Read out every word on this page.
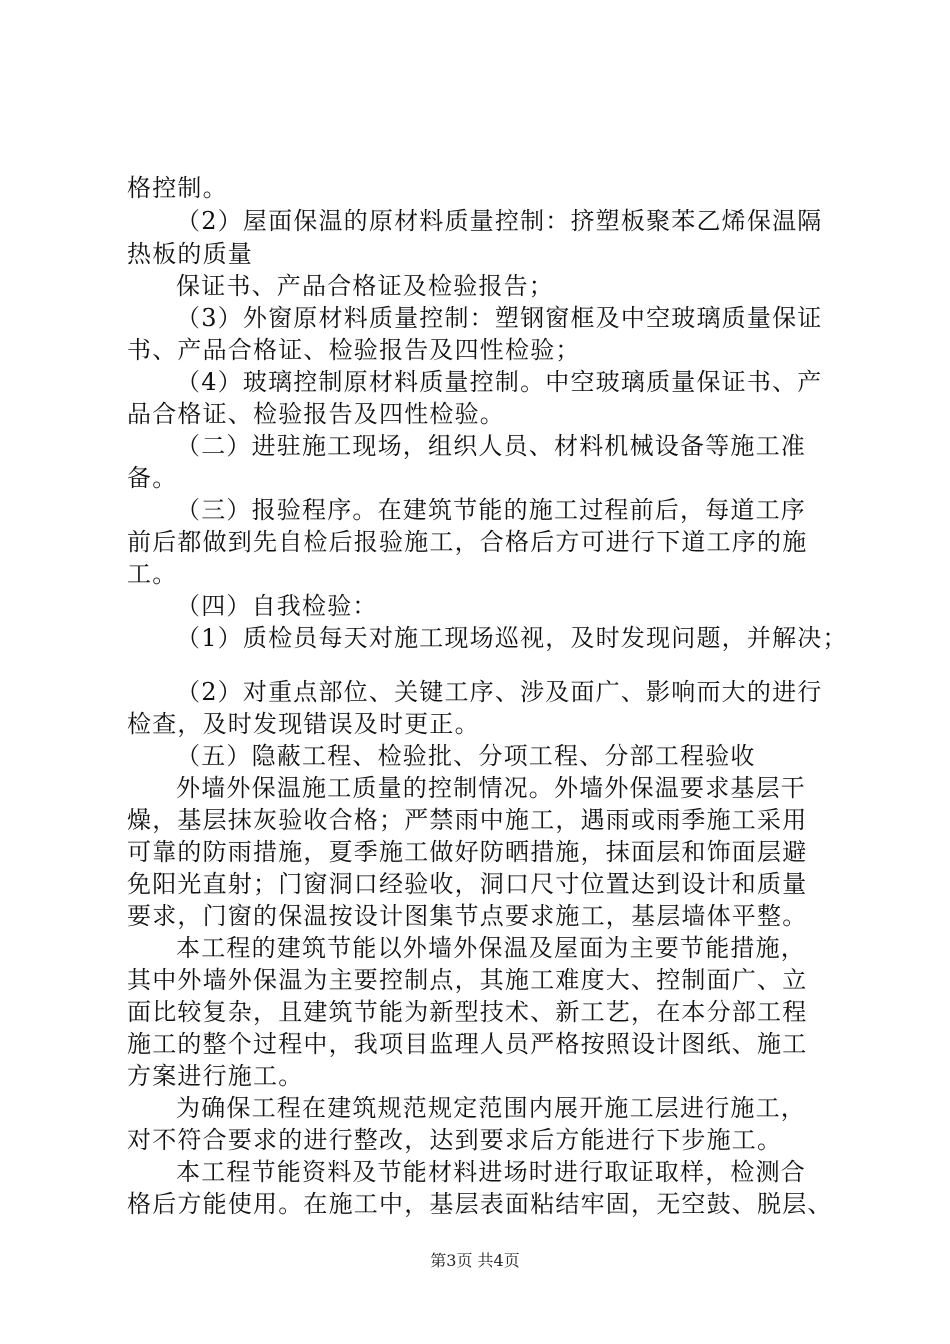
格控制。
（2）屋面保温的原材料质量控制：挤塑板聚苯乙烯保温隔
热板的质量
保证书、产品合格证及检验报告；
（3）外窗原材料质量控制：塑钢窗框及中空玻璃质量保证
书、产品合格证、检验报告及四性检验；
（4）玻璃控制原材料质量控制。中空玻璃质量保证书、产
品合格证、检验报告及四性检验。
（二）进驻施工现场，组织人员、材料机械设备等施工准
备。
（三）报验程序。在建筑节能的施工过程前后，每道工序
前后都做到先自检后报验施工，合格后方可进行下道工序的施
工。
（四）自我检验：
（1）质检员每天对施工现场巡视，及时发现问题，并解决；
（2）对重点部位、关键工序、涉及面广、影响而大的进行
检查，及时发现错误及时更正。
（五）隐蔽工程、检验批、分项工程、分部工程验收
外墙外保温施工质量的控制情况。外墙外保温要求基层干
燥，基层抹灰验收合格；严禁雨中施工，遇雨或雨季施工采用
可靠的防雨措施，夏季施工做好防晒措施，抹面层和饰面层避
免阳光直射；门窗洞口经验收，洞口尺寸位置达到设计和质量
要求，门窗的保温按设计图集节点要求施工，基层墙体平整。
本工程的建筑节能以外墙外保温及屋面为主要节能措施，
其中外墙外保温为主要控制点，其施工难度大、控制面广、立
面比较复杂，且建筑节能为新型技术、新工艺，在本分部工程
施工的整个过程中，我项目监理人员严格按照设计图纸、施工
方案进行施工。
为确保工程在建筑规范规定范围内展开施工层进行施工，
对不符合要求的进行整改，达到要求后方能进行下步施工。
本工程节能资料及节能材料进场时进行取证取样，检测合
格后方能使用。在施工中，基层表面粘结牢固，无空鼓、脱层、
第3页 共4页
